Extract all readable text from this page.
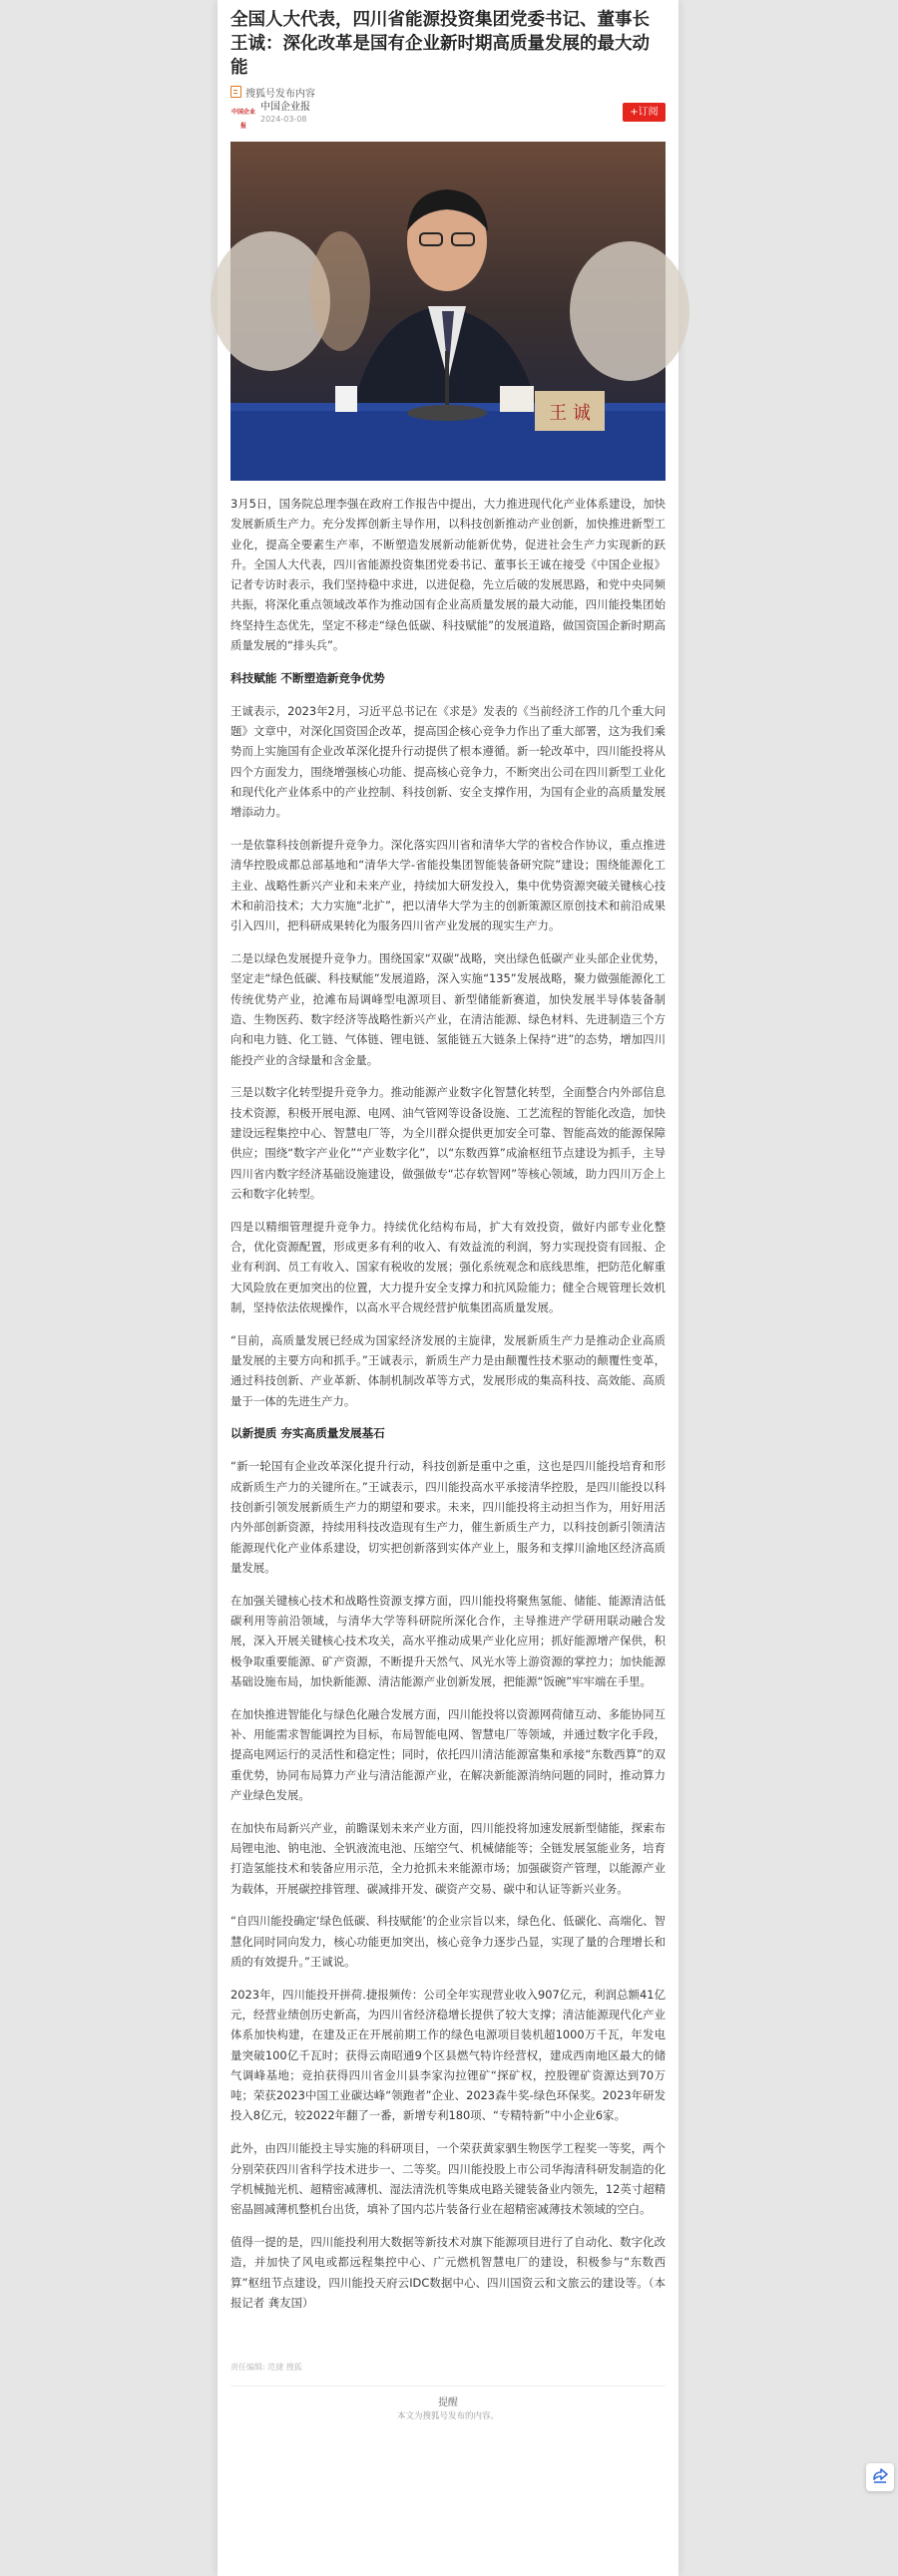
全国人大代表，四川省能源投资集团党委书记、董事长王诚：深化改革是国有企业新时期高质量发展的最大动能
搜狐号发布内容
中国企业报
中国企业报
2024-03-08
+订阅
王 诚

3月5日，国务院总理李强在政府工作报告中提出，大力推进现代化产业体系建设，加快发展新质生产力。充分发挥创新主导作用，以科技创新推动产业创新，加快推进新型工业化，提高全要素生产率，不断塑造发展新动能新优势，促进社会生产力实现新的跃升。全国人大代表，四川省能源投资集团党委书记、董事长王诚在接受《中国企业报》记者专访时表示，我们坚持稳中求进，以进促稳，先立后破的发展思路，和党中央同频共振，将深化重点领域改革作为推动国有企业高质量发展的最大动能，四川能投集团始终坚持生态优先，坚定不移走“绿色低碳、科技赋能”的发展道路，做国资国企新时期高质量发展的“排头兵”。

科技赋能 不断塑造新竞争优势

王诚表示，2023年2月，习近平总书记在《求是》发表的《当前经济工作的几个重大问题》文章中，对深化国资国企改革，提高国企核心竞争力作出了重大部署，这为我们乘势而上实施国有企业改革深化提升行动提供了根本遵循。新一轮改革中，四川能投将从四个方面发力，围绕增强核心功能、提高核心竞争力，不断突出公司在四川新型工业化和现代化产业体系中的产业控制、科技创新、安全支撑作用，为国有企业的高质量发展增添动力。

一是依靠科技创新提升竞争力。深化落实四川省和清华大学的省校合作协议，重点推进清华控股成都总部基地和“清华大学-省能投集团智能装备研究院”建设；围绕能源化工主业、战略性新兴产业和未来产业，持续加大研发投入，集中优势资源突破关键核心技术和前沿技术；大力实施“北扩”，把以清华大学为主的创新策源区原创技术和前沿成果引入四川，把科研成果转化为服务四川省产业发展的现实生产力。

二是以绿色发展提升竞争力。围绕国家“双碳”战略，突出绿色低碳产业头部企业优势，坚定走“绿色低碳、科技赋能”发展道路，深入实施“135”发展战略，聚力做强能源化工传统优势产业，抢滩布局调峰型电源项目、新型储能新赛道，加快发展半导体装备制造、生物医药、数字经济等战略性新兴产业，在清洁能源、绿色材料、先进制造三个方向和电力链、化工链、气体链、锂电链、氢能链五大链条上保持“进”的态势，增加四川能投产业的含绿量和含金量。

三是以数字化转型提升竞争力。推动能源产业数字化智慧化转型，全面整合内外部信息技术资源，积极开展电源、电网、油气管网等设备设施、工艺流程的智能化改造，加快建设远程集控中心、智慧电厂等，为全川群众提供更加安全可靠、智能高效的能源保障供应；围绕“数字产业化”“产业数字化”，以“东数西算”成渝枢纽节点建设为抓手，主导四川省内数字经济基础设施建设，做强做专“芯存软智网”等核心领域，助力四川万企上云和数字化转型。

四是以精细管理提升竞争力。持续优化结构布局，扩大有效投资，做好内部专业化整合，优化资源配置，形成更多有利的收入、有效益流的利润，努力实现投资有回报、企业有利润、员工有收入、国家有税收的发展；强化系统观念和底线思维，把防范化解重大风险放在更加突出的位置，大力提升安全支撑力和抗风险能力；健全合规管理长效机制，坚持依法依规操作，以高水平合规经营护航集团高质量发展。

“目前，高质量发展已经成为国家经济发展的主旋律，发展新质生产力是推动企业高质量发展的主要方向和抓手。”王诚表示，新质生产力是由颠覆性技术驱动的颠覆性变革，通过科技创新、产业革新、体制机制改革等方式，发展形成的集高科技、高效能、高质量于一体的先进生产力。

以新提质 夯实高质量发展基石

“新一轮国有企业改革深化提升行动，科技创新是重中之重，这也是四川能投培育和形成新质生产力的关键所在。”王诚表示，四川能投高水平承接清华控股，是四川能投以科技创新引领发展新质生产力的期望和要求。未来，四川能投将主动担当作为，用好用活内外部创新资源，持续用科技改造现有生产力，催生新质生产力，以科技创新引领清洁能源现代化产业体系建设，切实把创新落到实体产业上，服务和支撑川渝地区经济高质量发展。

在加强关键核心技术和战略性资源支撑方面，四川能投将聚焦氢能、储能、能源清洁低碳利用等前沿领域，与清华大学等科研院所深化合作，主导推进产学研用联动融合发展，深入开展关键核心技术攻关，高水平推动成果产业化应用；抓好能源增产保供，积极争取重要能源、矿产资源，不断提升天然气、风光水等上游资源的掌控力；加快能源基础设施布局，加快新能源、清洁能源产业创新发展，把能源“饭碗”牢牢端在手里。

在加快推进智能化与绿色化融合发展方面，四川能投将以资源网荷储互动、多能协同互补、用能需求智能调控为目标，布局智能电网、智慧电厂等领域，并通过数字化手段，提高电网运行的灵活性和稳定性；同时，依托四川清洁能源富集和承接“东数西算”的双重优势，协同布局算力产业与清洁能源产业，在解决新能源消纳问题的同时，推动算力产业绿色发展。

在加快布局新兴产业，前瞻谋划未来产业方面，四川能投将加速发展新型储能，探索布局锂电池、钠电池、全钒液流电池、压缩空气、机械储能等；全链发展氢能业务，培育打造氢能技术和装备应用示范，全力抢抓未来能源市场；加强碳资产管理，以能源产业为载体，开展碳控排管理、碳减排开发、碳资产交易、碳中和认证等新兴业务。

“自四川能投确定‘绿色低碳、科技赋能’的企业宗旨以来，绿色化、低碳化、高端化、智慧化同时同向发力，核心功能更加突出，核心竞争力逐步凸显，实现了量的合理增长和质的有效提升。”王诚说。

2023年，四川能投开拼荷.捷报频传：公司全年实现营业收入907亿元，利润总额41亿元，经营业绩创历史新高，为四川省经济稳增长提供了较大支撑；清洁能源现代化产业体系加快构建，在建及正在开展前期工作的绿色电源项目装机超1000万千瓦，年发电量突破100亿千瓦时；获得云南昭通9个区县燃气特许经营权，建成西南地区最大的储气调峰基地；竞拍获得四川省金川县李家沟拉锂矿“探矿权，控股锂矿资源达到70万吨；荣获2023中国工业碳达峰“领跑者”企业、2023森牛奖-绿色环保奖。2023年研发投入8亿元，较2022年翻了一番，新增专利180项、“专精特新”中小企业6家。

此外，由四川能投主导实施的科研项目，一个荣获黄家驷生物医学工程奖一等奖，两个分别荣获四川省科学技术进步一、二等奖。四川能投股上市公司华海清科研发制造的化学机械抛光机、超精密减薄机、湿法清洗机等集成电路关键装备业内领先，12英寸超精密晶圆减薄机整机台出货，填补了国内芯片装备行业在超精密减薄技术领域的空白。

值得一提的是，四川能投利用大数据等新技术对旗下能源项目进行了自动化、数字化改造，并加快了风电或都远程集控中心、广元燃机智慧电厂的建设，积极参与“东数西算”枢纽节点建设，四川能投天府云IDC数据中心、四川国资云和文旅云的建设等。（本报记者 龚友国）

责任编辑: 范捷 搜狐
提醒
本文为搜狐号发布的内容。
